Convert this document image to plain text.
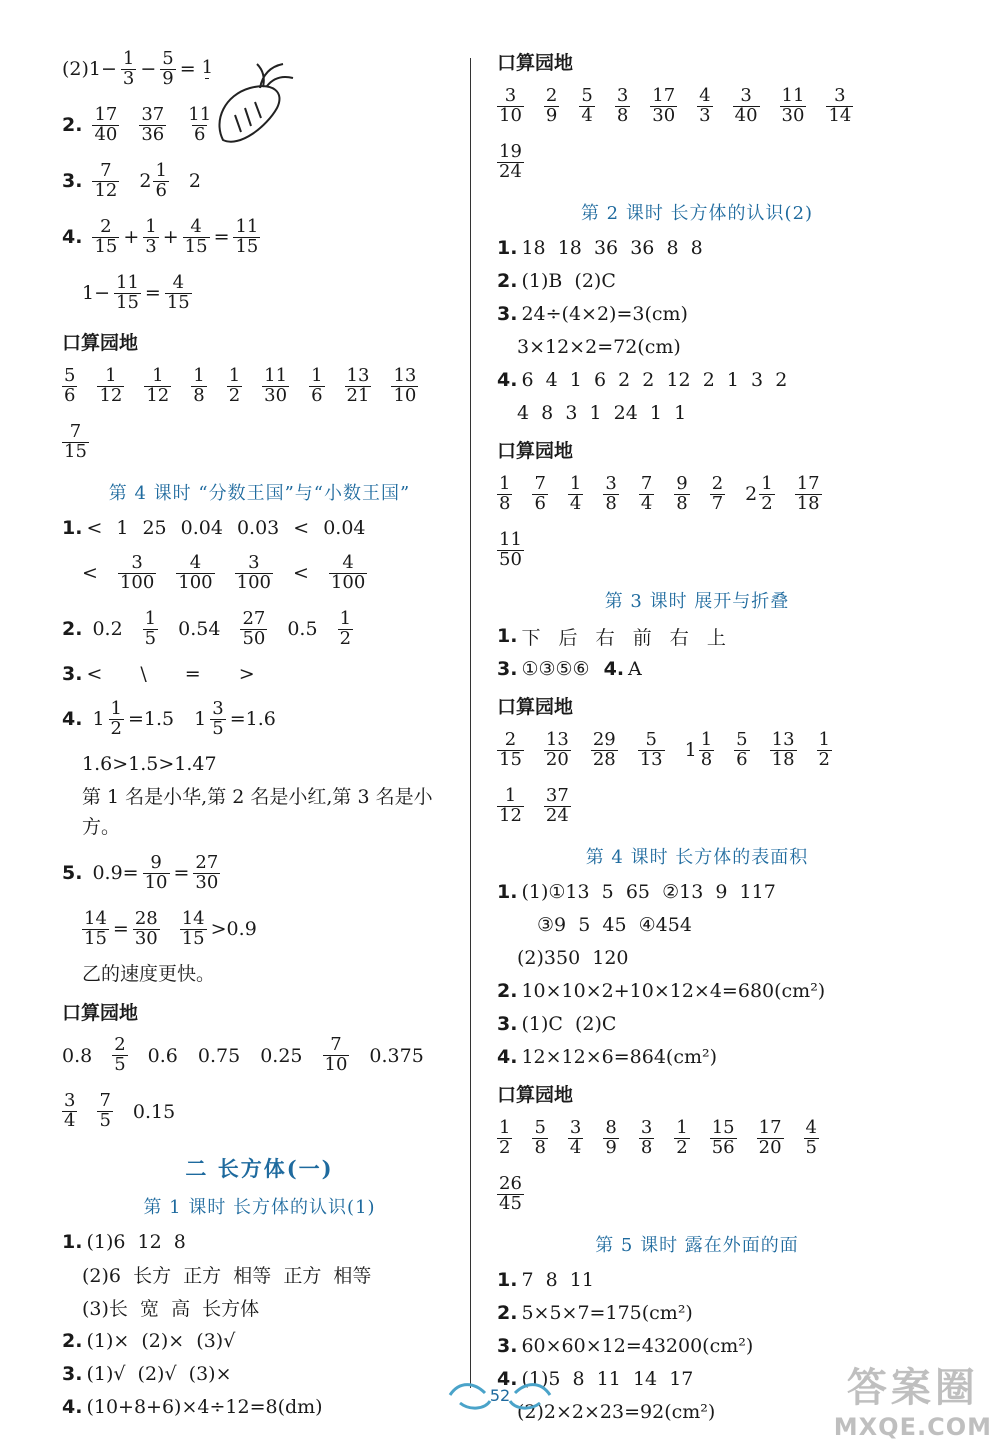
$(2)1- \frac{1}{3} - \frac{5}{9} = 1$
2. $\frac{17}{40} \frac{37}{36} \frac{11}{6}$
3. $\frac{7}{12} 2 \frac{1}{6} 2$
4. $\frac{2}{15} + \frac{1}{3} + \frac{4}{15} = \frac{11}{15}$
$1- \frac{11}{15} = \frac{4}{15}$
口算园地
$\frac{5}{6} \frac{1}{12} \frac{1}{12} \frac{1}{8} \frac{1}{2} \frac{11}{30} \frac{1}{6} \frac{13}{21} \frac{13}{10}$
$\frac{7}{15}$
第 4 课时 “分数王国”与“小数王国”
1. < 1 25 0.04 0.03 < 0.04
< $\frac{3}{100} \frac{4}{100} \frac{3}{100} < \frac{4}{100}$
2. $0.2 \frac{1}{5} 0.54 \frac{27}{50} 0.5 \frac{1}{2}$
3. < \ = >
4. $1 \frac{1}{2} =1.5$ $1 \frac{3}{5} =1.6$
1.6>1.5>1.47
第 1 名是小华,第 2 名是小红,第 3 名是小方。
5. $0.9= \frac{9}{10} = \frac{27}{30}$
$\frac{14}{15} = \frac{28}{30} \frac{14}{15} >0.9$
乙的速度更快。
口算园地
$0.8 \frac{2}{5} 0.6$ 0.75 $0.25 \frac{7}{10} 0.375$
$\frac{3}{4} \frac{7}{5} 0.15$
二 长方体(一)
第 1 课时 长方体的认识(1)
1. (1)6  12  8
(2)6  长方  正方  相等  正方  相等
(3)长  宽  高  长方体
2. (1)×  (2)×  (3)√
3. (1)√  (2)√  (3)×
4. (10+8+6)×4÷12=8(dm)
口算园地
$\frac{3}{10} \frac{2}{9} \frac{5}{4} \frac{3}{8} \frac{17}{30} \frac{4}{3} \frac{3}{40} \frac{11}{30} \frac{3}{14}$
$\frac{19}{24}$
第 2 课时 长方体的认识(2)
1. 18  18  36  36  8  8
2. (1)B  (2)C
3. 24÷(4×2)=3(cm)
3×12×2=72(cm)
4. 6  4  1  6  2  2  12  2  1  3  2
4  8  3  1  24  1  1
口算园地
$\frac{1}{8} \frac{7}{6} \frac{1}{4} \frac{3}{8} \frac{7}{4} \frac{9}{8} \frac{2}{7} 2 \frac{1}{2} \frac{17}{18}$
$\frac{11}{50}$
第 3 课时 展开与折叠
1. 下  后  右  前  右  上
3. ①③⑤⑥ 4. A
口算园地
$\frac{2}{15} \frac{13}{20} \frac{29}{28} \frac{5}{13} 1 \frac{1}{8} \frac{5}{6} \frac{13}{18} \frac{1}{2}$
$\frac{1}{12} \frac{37}{24}$
第 4 课时 长方体的表面积
1. (1)①13  5  65  ②13  9  117
③9  5  45  ④454
(2)350  120
2. 10×10×2+10×12×4=680(cm²)
3. (1)C  (2)C
4. 12×12×6=864(cm²)
口算园地
$\frac{1}{2} \frac{5}{8} \frac{3}{4} \frac{8}{9} \frac{3}{8} \frac{1}{2} \frac{15}{56} \frac{17}{20} \frac{4}{5}$
$\frac{26}{45}$
第 5 课时 露在外面的面
1. 7  8  11
2. 5×5×7=175(cm²)
3. 60×60×12=43200(cm²)
4. (1)5  8  11  14  17
(2)2×2×23=92(cm²)
52	答案圈
MXQE.COM
